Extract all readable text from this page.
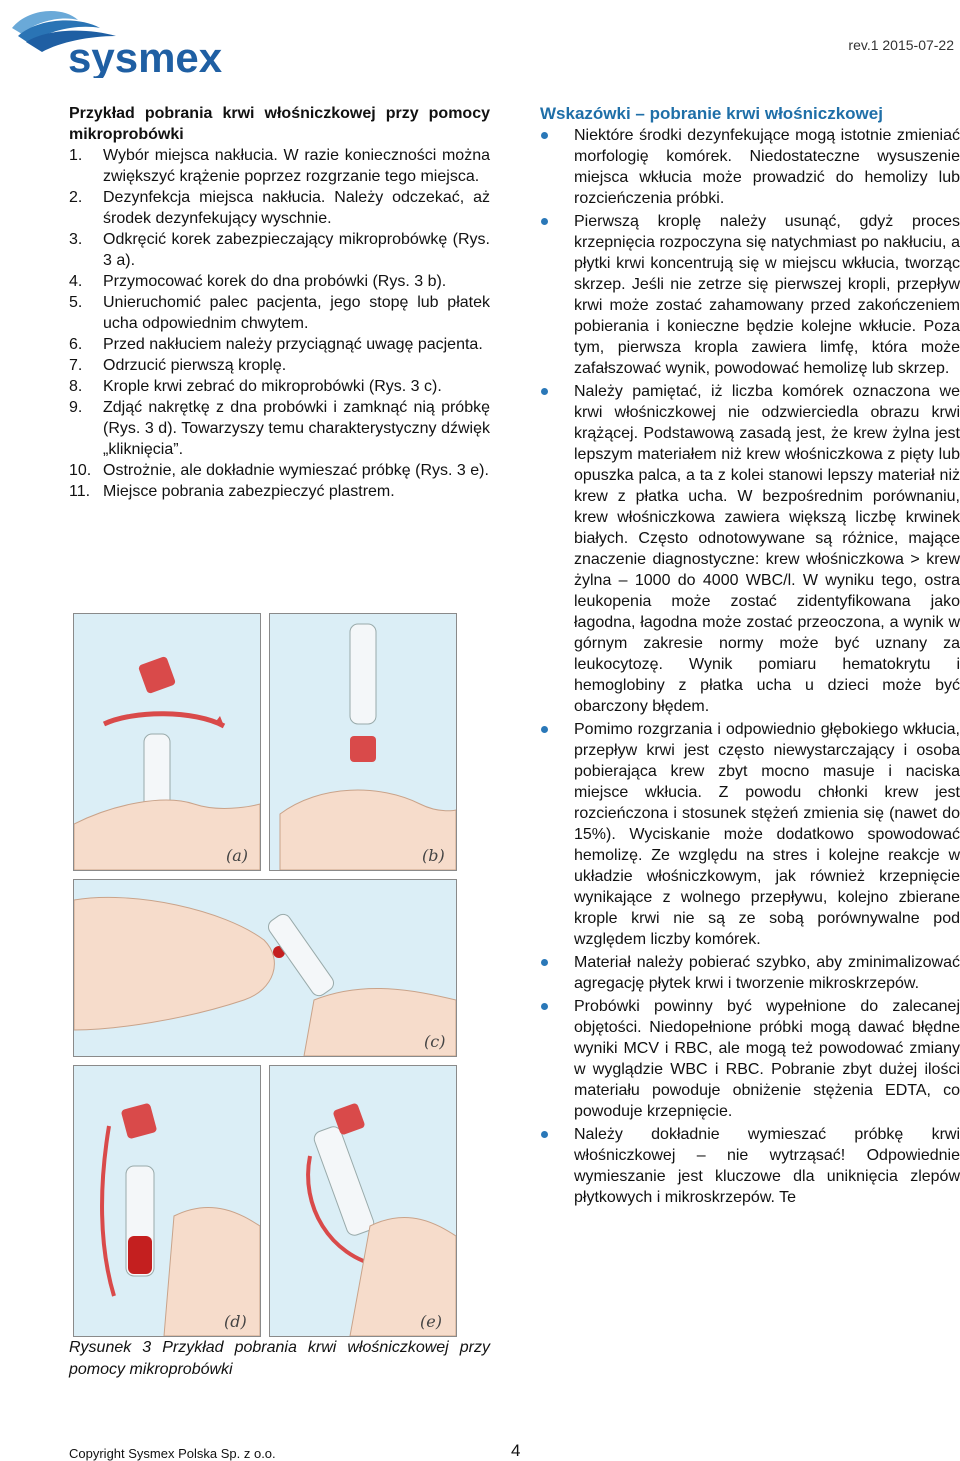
sysmex	rev.1 2015-07-22
Przykład pobrania krwi włośniczkowej przy pomocy mikroprobówki
1. Wybór miejsca nakłucia. W razie konieczności można zwiększyć krążenie poprzez rozgrzanie tego miejsca.
2. Dezynfekcja miejsca nakłucia. Należy odczekać, aż środek dezynfekujący wyschnie.
3. Odkręcić korek zabezpieczający mikroprobówkę (Rys. 3 a).
4. Przymocować korek do dna probówki (Rys. 3 b).
5. Unieruchomić palec pacjenta, jego stopę lub płatek ucha odpowiednim chwytem.
6. Przed nakłuciem należy przyciągnąć uwagę pacjenta.
7. Odrzucić pierwszą kroplę.
8. Krople krwi zebrać do mikroprobówki (Rys. 3 c).
9. Zdjąć nakrętkę z dna probówki i zamknąć nią próbkę (Rys. 3 d). Towarzyszy temu charakterystyczny dźwięk „kliknięcia”.
10. Ostrożnie, ale dokładnie wymieszać próbkę (Rys. 3 e).
11. Miejsce pobrania zabezpieczyć plastrem.
(a)	(b)
(c)
(d)	(e)
Rysunek 3 Przykład pobrania krwi włośniczkowej przy pomocy mikroprobówki
Wskazówki – pobranie krwi włośniczkowej
Niektóre środki dezynfekujące mogą istotnie zmieniać morfologię komórek. Niedostateczne wysuszenie miejsca wkłucia może prowadzić do hemolizy lub rozcieńczenia próbki.
Pierwszą kroplę należy usunąć, gdyż proces krzepnięcia rozpoczyna się natychmiast po nakłuciu, a płytki krwi koncentrują się w miejscu wkłucia, tworząc skrzep. Jeśli nie zetrze się pierwszej kropli, przepływ krwi może zostać zahamowany przed zakończeniem pobierania i konieczne będzie kolejne wkłucie. Poza tym, pierwsza kropla zawiera limfę, która może zafałszować wynik, powodować hemolizę lub skrzep.
Należy pamiętać, iż liczba komórek oznaczona we krwi włośniczkowej nie odzwierciedla obrazu krwi krążącej. Podstawową zasadą jest, że krew żylna jest lepszym materiałem niż krew włośniczkowa z pięty lub opuszka palca, a ta z kolei stanowi lepszy materiał niż krew z płatka ucha. W bezpośrednim porównaniu, krew włośniczkowa zawiera większą liczbę krwinek białych. Często odnotowywane są różnice, mające znaczenie diagnostyczne: krew włośniczkowa > krew żylna – 1000 do 4000 WBC/l. W wyniku tego, ostra leukopenia może zostać zidentyfikowana jako łagodna, łagodna może zostać przeoczona, a wynik w górnym zakresie normy może być uznany za leukocytozę. Wynik pomiaru hematokrytu i hemoglobiny z płatka ucha u dzieci może być obarczony błędem.
Pomimo rozgrzania i odpowiednio głębokiego wkłucia, przepływ krwi jest często niewystarczający i osoba pobierająca krew zbyt mocno masuje i naciska miejsce wkłucia. Z powodu chłonki krew jest rozcieńczona i stosunek stężeń zmienia się (nawet do 15%). Wyciskanie może dodatkowo spowodować hemolizę. Ze względu na stres i kolejne reakcje w układzie włośniczkowym, jak również krzepnięcie wynikające z wolnego przepływu, kolejno zbierane krople krwi nie są ze sobą porównywalne pod względem liczby komórek.
Materiał należy pobierać szybko, aby zminimalizować agregację płytek krwi i tworzenie mikroskrzepów.
Probówki powinny być wypełnione do zalecanej objętości. Niedopełnione próbki mogą dawać błędne wyniki MCV i RBC, ale mogą też powodować zmiany w wyglądzie WBC i RBC. Pobranie zbyt dużej ilości materiału powoduje obniżenie stężenia EDTA, co powoduje krzepnięcie.
Należy dokładnie wymieszać próbkę krwi włośniczkowej – nie wytrząsać! Odpowiednie wymieszanie jest kluczowe dla uniknięcia zlepów płytkowych i mikroskrzepów. Te
Copyright Sysmex Polska Sp. z o.o.	4
